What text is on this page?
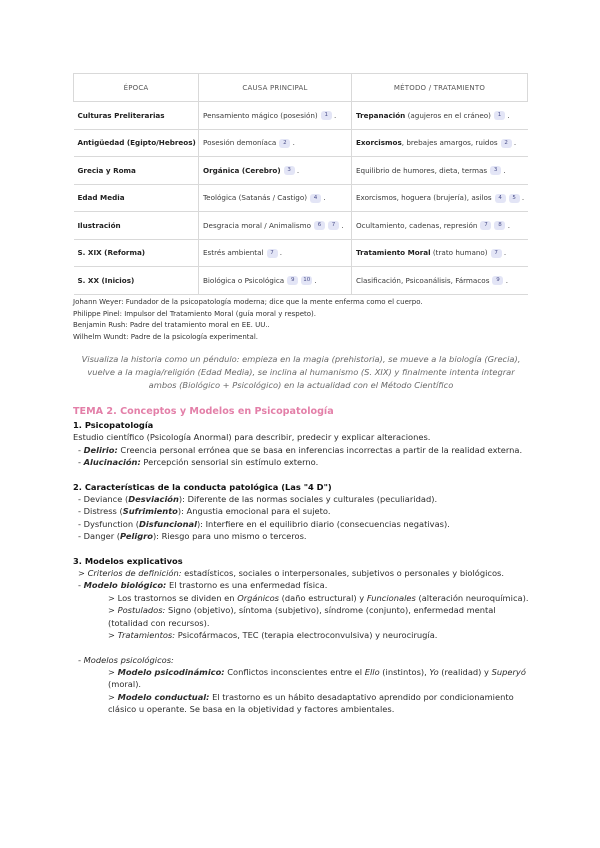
ÉPOCA	CAUSA PRINCIPAL	MÉTODO / TRATAMIENTO
Culturas Preliterarias	Pensamiento mágico (posesión) 1 .	Trepanación (agujeros en el cráneo) 1 .
Antigüedad (Egipto/Hebreos)	Posesión demoníaca 2 .	Exorcismos, brebajes amargos, ruidos 2 .
Grecia y Roma	Orgánica (Cerebro) 3 .	Equilibrio de humores, dieta, termas 3 .
Edad Media	Teológica (Satanás / Castigo) 4 .	Exorcismos, hoguera (brujería), asilos 4 5 .
Ilustración	Desgracia moral / Animalismo 6 7 .	Ocultamiento, cadenas, represión 7 8 .
S. XIX (Reforma)	Estrés ambiental 7 .	Tratamiento Moral (trato humano) 7 .
S. XX (Inicios)	Biológica o Psicológica 9 10 .	Clasificación, Psicoanálisis, Fármacos 9 .

Johann Weyer: Fundador de la psicopatología moderna; dice que la mente enferma como el cuerpo.

Philippe Pinel: Impulsor del Tratamiento Moral (guía moral y respeto).

Benjamin Rush: Padre del tratamiento moral en EE. UU..

Wilhelm Wundt: Padre de la psicología experimental.

Visualiza la historia como un péndulo: empieza en la magia (prehistoria), se mueve a la biología (Grecia), vuelve a la magia/religión (Edad Media), se inclina al humanismo (S. XIX) y finalmente intenta integrar ambos (Biológico + Psicológico) en la actualidad con el Método Científico

TEMA 2. Conceptos y Modelos en Psicopatología

1. Psicopatología

Estudio científico (Psicología Anormal) para describir, predecir y explicar alteraciones.

- Delirio: Creencia personal errónea que se basa en inferencias incorrectas a partir de la realidad externa.

- Alucinación: Percepción sensorial sin estímulo externo.

2. Características de la conducta patológica (Las "4 D")

- Deviance (Desviación): Diferente de las normas sociales y culturales (peculiaridad).

- Distress (Sufrimiento): Angustia emocional para el sujeto.

- Dysfunction (Disfuncional): Interfiere en el equilibrio diario (consecuencias negativas).

- Danger (Peligro): Riesgo para uno mismo o terceros.

3. Modelos explicativos

> Criterios de definición: estadísticos, sociales o interpersonales, subjetivos o personales y biológicos.

- Modelo biológico: El trastorno es una enfermedad física.

> Los trastornos se dividen en Orgánicos (daño estructural) y Funcionales (alteración neuroquímica).

> Postulados: Signo (objetivo), síntoma (subjetivo), síndrome (conjunto), enfermedad mental (totalidad con recursos).

> Tratamientos: Psicofármacos, TEC (terapia electroconvulsiva) y neurocirugía.

- Modelos psicológicos:

> Modelo psicodinámico: Conflictos inconscientes entre el Ello (instintos), Yo (realidad) y Superyó (moral).

> Modelo conductual: El trastorno es un hábito desadaptativo aprendido por condicionamiento clásico u operante. Se basa en la objetividad y factores ambientales.
